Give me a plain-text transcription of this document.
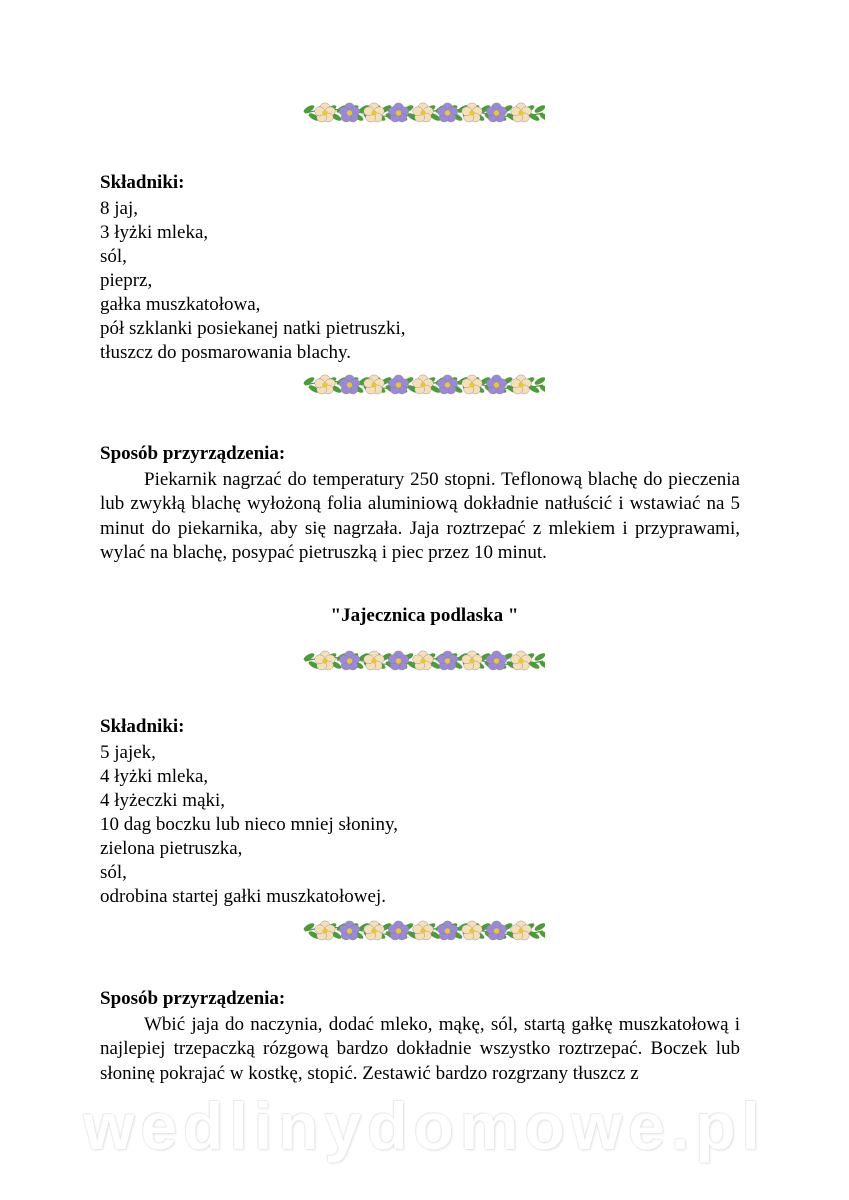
Składniki:
8 jaj,
3 łyżki mleka,
sól,
pieprz,
gałka muszkatołowa,
pół szklanki posiekanej natki pietruszki,
tłuszcz do posmarowania blachy.
Sposób przyrządzenia:

Piekarnik nagrzać do temperatury 250 stopni. Teflonową blachę do pieczenia lub zwykłą blachę wyłożoną folia aluminiową dokładnie natłuścić i wstawiać na 5 minut do piekarnika, aby się nagrzała. Jaja roztrzepać z mlekiem i przyprawami, wylać na blachę, posypać pietruszką i piec przez 10 minut.

"Jajecznica podlaska "
Składniki:
5 jajek,
4 łyżki mleka,
4 łyżeczki mąki,
10 dag boczku lub nieco mniej słoniny,
zielona pietruszka,
sól,
odrobina startej gałki muszkatołowej.
Sposób przyrządzenia:

Wbić jaja do naczynia, dodać mleko, mąkę, sól, startą gałkę muszkatołową i najlepiej trzepaczką rózgową bardzo dokładnie wszystko roztrzepać. Boczek lub słoninę pokrajać w kostkę, stopić. Zestawić bardzo rozgrzany tłuszcz z

wedlinydomowe.pl
